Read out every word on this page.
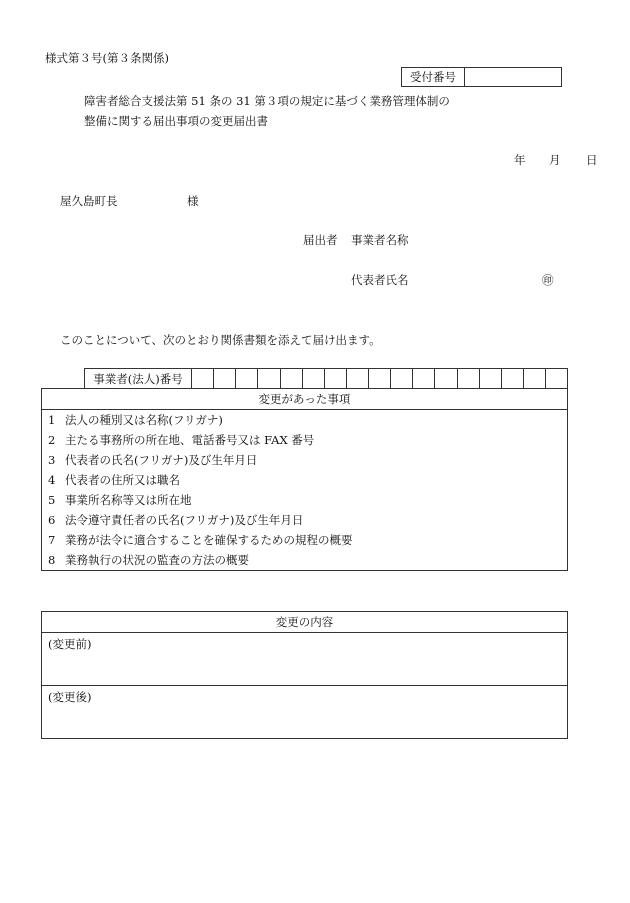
様式第３号(第３条関係)
受付番号
障害者総合支援法第 51 条の 31 第３項の規定に基づく業務管理体制の
整備に関する届出事項の変更届出書
年 月 日
屋久島町長	様
届出者 事業者名称
代表者氏名	㊞
このことについて、次のとおり関係書類を添えて届け出ます。
事業者(法人)番号
変更があった事項
1 法人の種別又は名称(フリガナ)
2 主たる事務所の所在地、電話番号又は FAX 番号
3 代表者の氏名(フリガナ)及び生年月日
4 代表者の住所又は職名
5 事業所名称等又は所在地
6 法令遵守責任者の氏名(フリガナ)及び生年月日
7 業務が法令に適合することを確保するための規程の概要
8 業務執行の状況の監査の方法の概要
変更の内容
(変更前)
(変更後)
